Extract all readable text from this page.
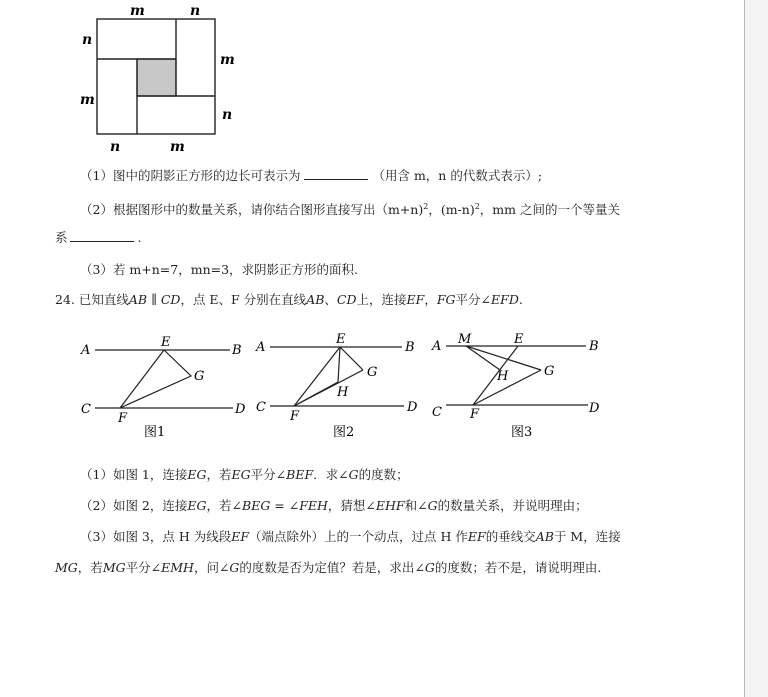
m	n
n
m
m
n
n	m
（1）图中的阴影正方形的边长可表示为	（用含 m，n 的代数式表示）;
（2）根据图形中的数量关系，请你结合图形直接写出（m+n)$^2$，$(m-n)^2$，mm 之间的一个等量关
系	.
（3）若 m+n=7，mn=3，求阴影正方形的面积.
24. 已知直线AB ∥ CD，点 E、F 分别在直线AB、CD上，连接EF，FG平分∠EFD.
A	B
C	D
E
F
G
图1
A	B
C	D
E
F
G
H
图2
A	B
C	D
M	E
F
G
H
图3
（1）如图 1，连接EG，若EG平分∠BEF．求∠G的度数；
（2）如图 2，连接EG，若∠BEG = ∠FEH，猜想∠EHF和∠G的数量关系，并说明理由；
（3）如图 3，点 H 为线段EF（端点除外）上的一个动点，过点 H 作EF的垂线交AB于 M，连接
MG，若MG平分∠EMH，问∠G的度数是否为定值？若是，求出∠G的度数；若不是，请说明理由.
